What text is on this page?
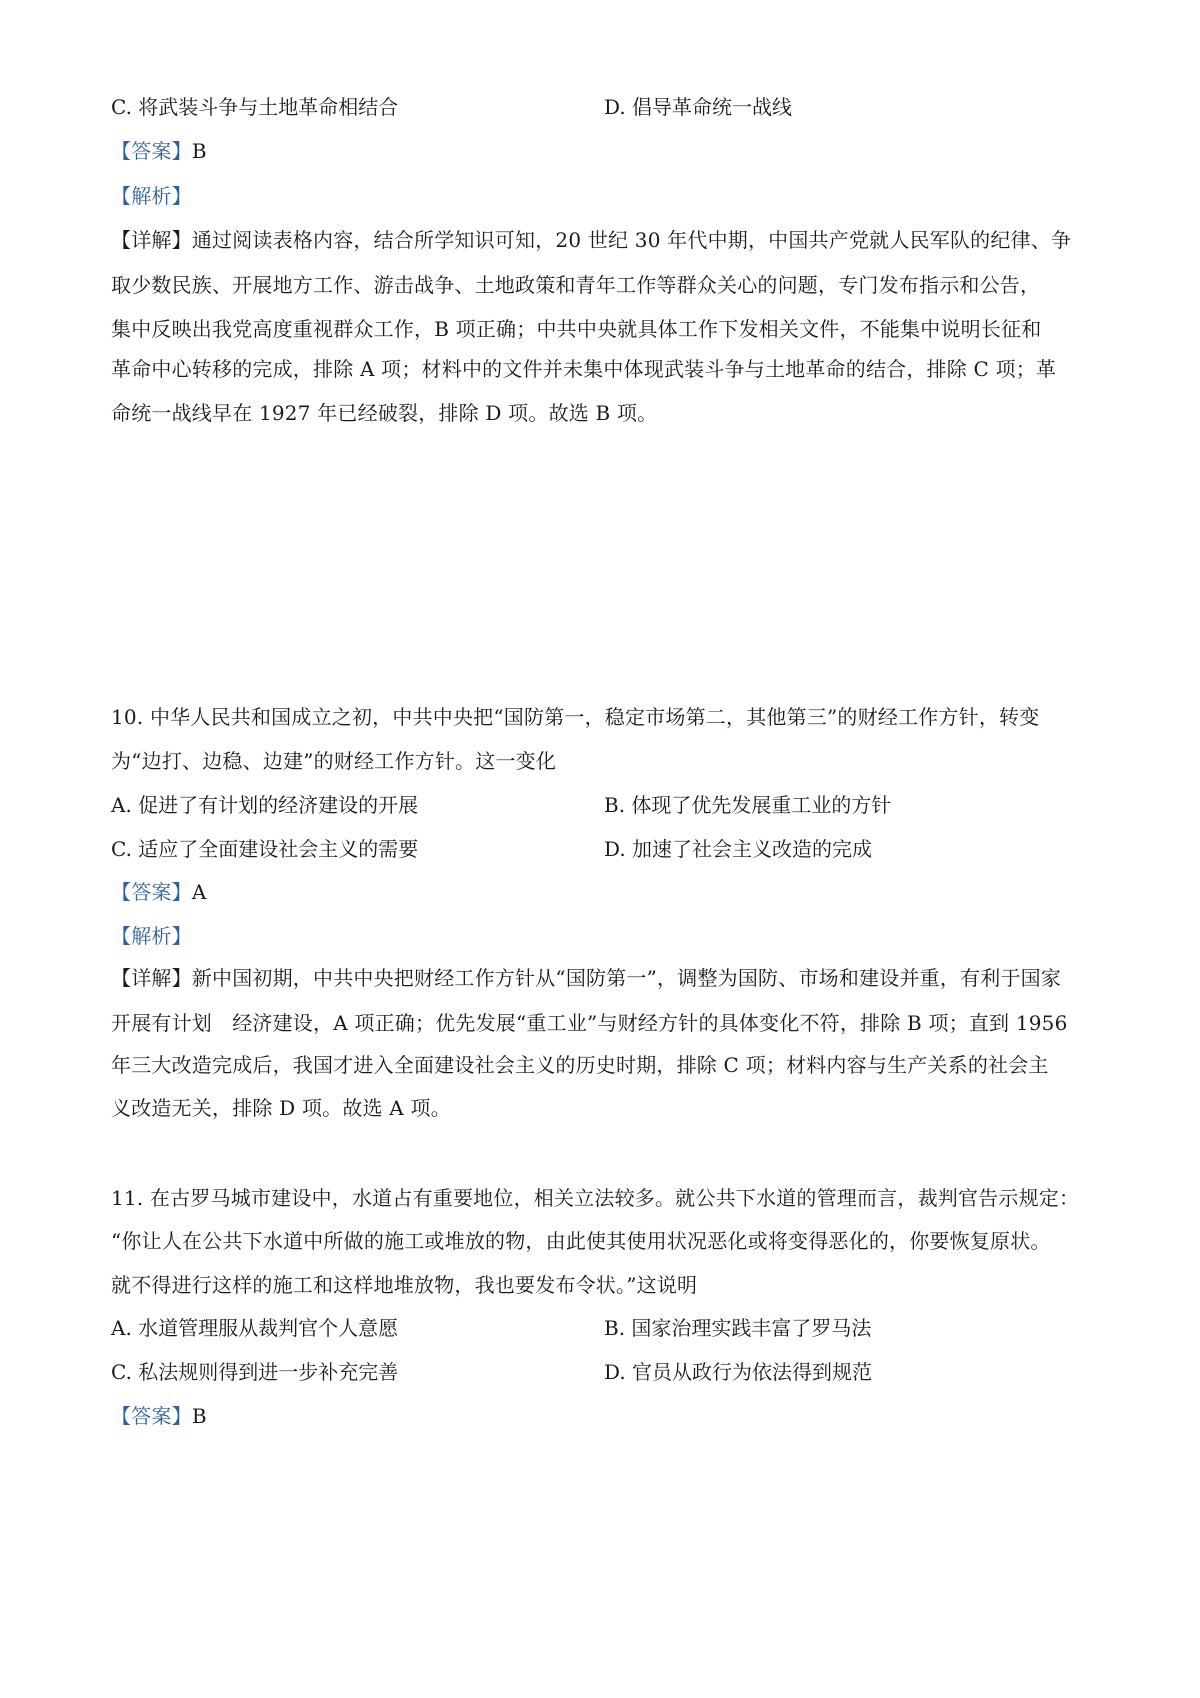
C. 将武装斗争与土地革命相结合	D. 倡导革命统一战线
【答案】B
【解析】
【详解】通过阅读表格内容，结合所学知识可知，20 世纪 30 年代中期，中国共产党就人民军队的纪律、争
取少数民族、开展地方工作、游击战争、土地政策和青年工作等群众关心的问题，专门发布指示和公告，
集中反映出我党高度重视群众工作，B 项正确；中共中央就具体工作下发相关文件，不能集中说明长征和
革命中心转移的完成，排除 A 项；材料中的文件并未集中体现武装斗争与土地革命的结合，排除 C 项；革
命统一战线早在 1927 年已经破裂，排除 D 项。故选 B 项。
10. 中华人民共和国成立之初，中共中央把“国防第一，稳定市场第二，其他第三”的财经工作方针，转变
为“边打、边稳、边建”的财经工作方针。这一变化
A. 促进了有计划的经济建设的开展	B. 体现了优先发展重工业的方针
C. 适应了全面建设社会主义的需要	D. 加速了社会主义改造的完成
【答案】A
【解析】
【详解】新中国初期，中共中央把财经工作方针从“国防第一”，调整为国防、市场和建设并重，有利于国家
开展有计划　经济建设，A 项正确；优先发展“重工业”与财经方针的具体变化不符，排除 B 项；直到 1956
年三大改造完成后，我国才进入全面建设社会主义的历史时期，排除 C 项；材料内容与生产关系的社会主
义改造无关，排除 D 项。故选 A 项。
11. 在古罗马城市建设中，水道占有重要地位，相关立法较多。就公共下水道的管理而言，裁判官告示规定：
“你让人在公共下水道中所做的施工或堆放的物，由此使其使用状况恶化或将变得恶化的，你要恢复原状。
就不得进行这样的施工和这样地堆放物，我也要发布令状。”这说明
A. 水道管理服从裁判官个人意愿	B. 国家治理实践丰富了罗马法
C. 私法规则得到进一步补充完善	D. 官员从政行为依法得到规范
【答案】B
